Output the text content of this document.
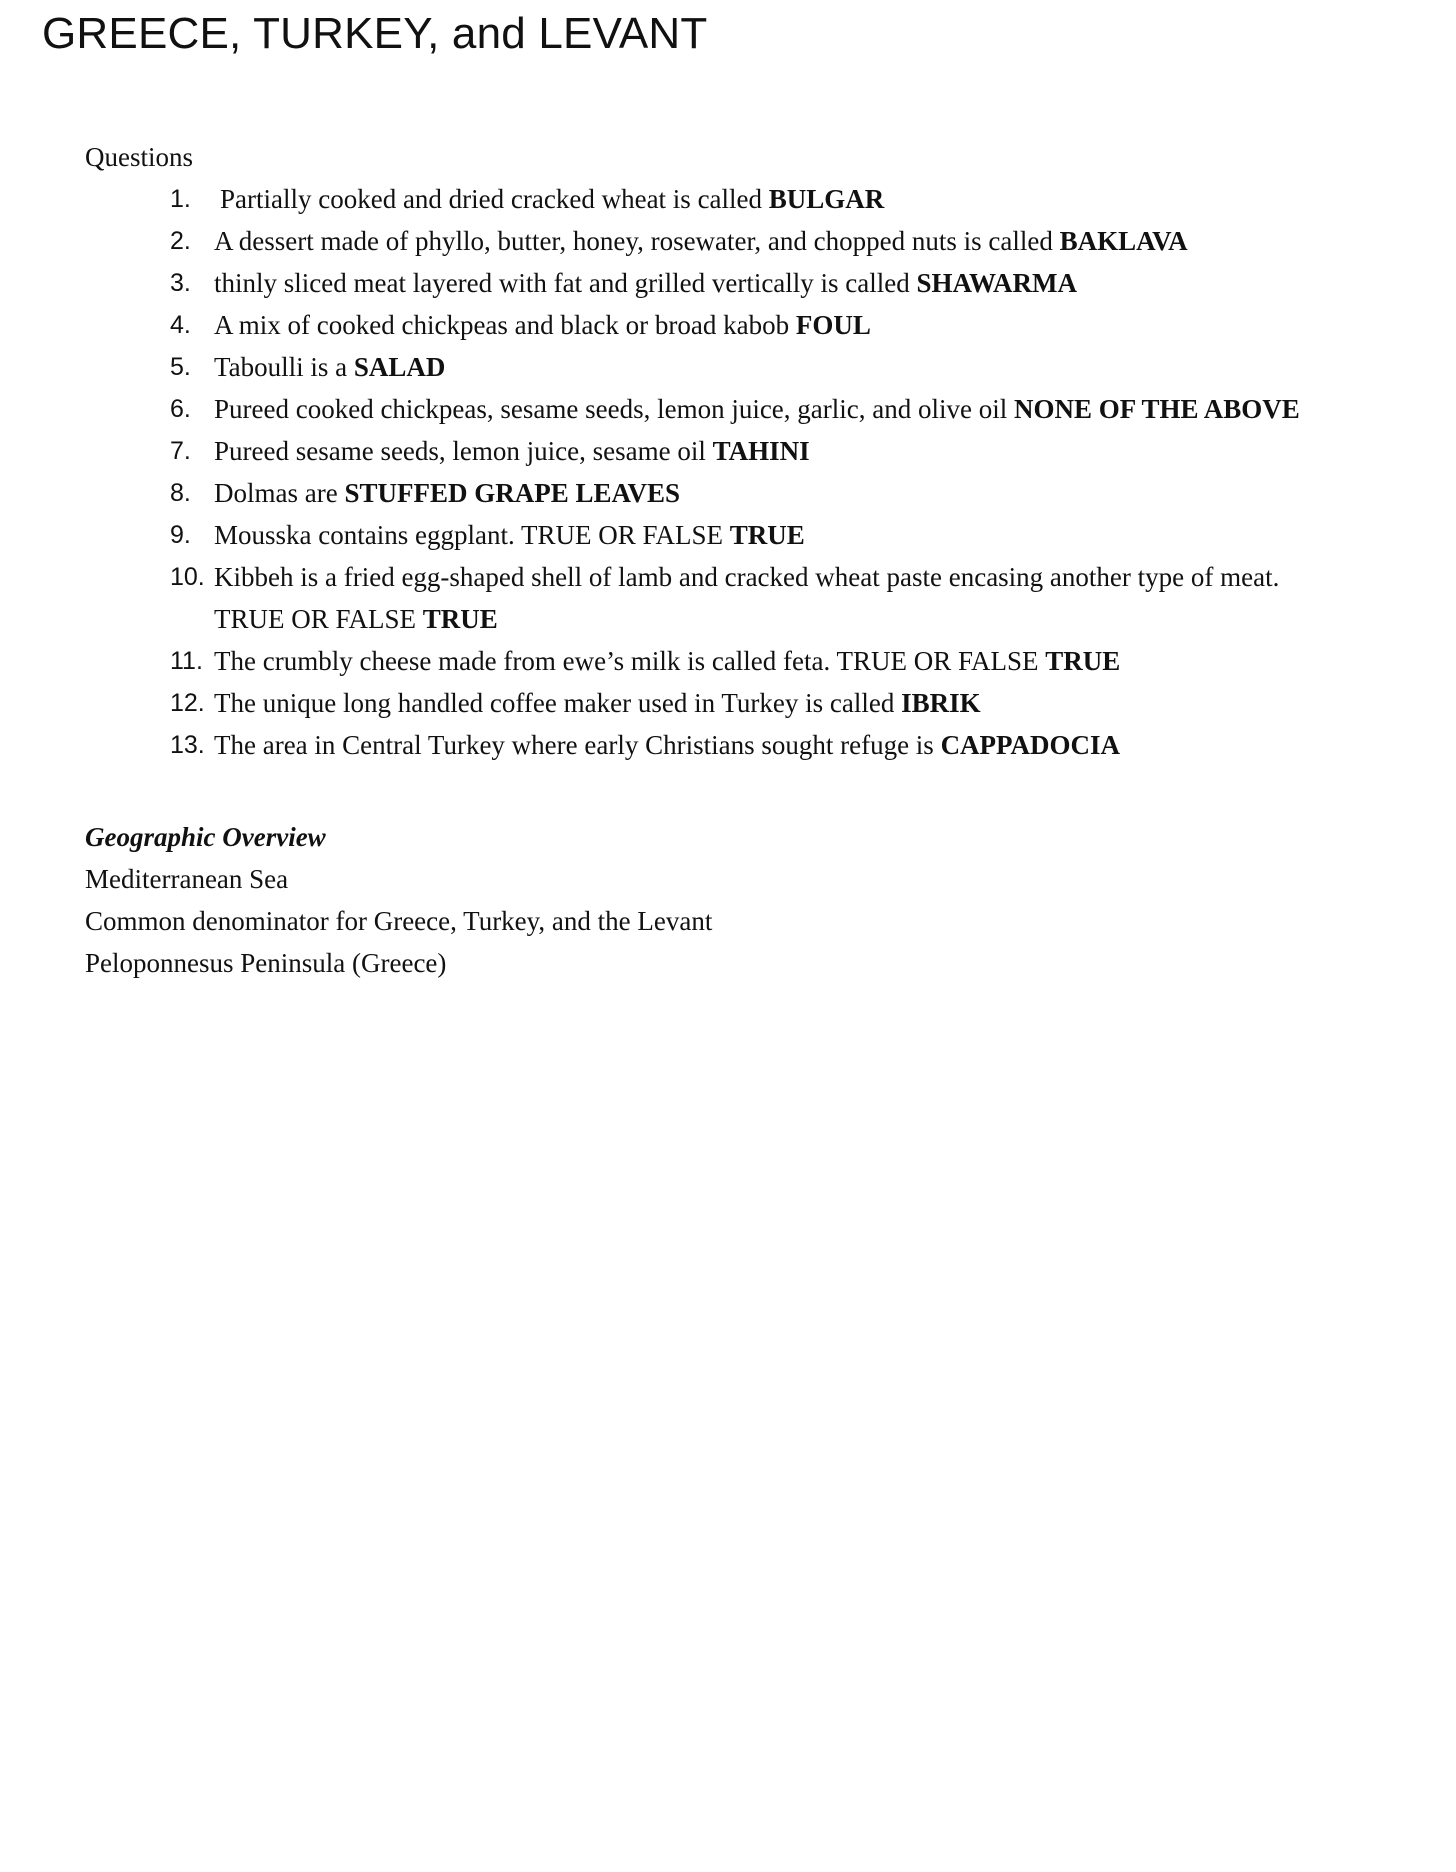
GREECE, TURKEY, and LEVANT

Questions

1. Partially cooked and dried cracked wheat is called BULGAR
2. A dessert made of phyllo, butter, honey, rosewater, and chopped nuts is called BAKLAVA
3. thinly sliced meat layered with fat and grilled vertically is called SHAWARMA
4. A mix of cooked chickpeas and black or broad kabob FOUL
5. Taboulli is a SALAD
6. Pureed cooked chickpeas, sesame seeds, lemon juice, garlic, and olive oil NONE OF THE ABOVE
7. Pureed sesame seeds, lemon juice, sesame oil TAHINI
8. Dolmas are STUFFED GRAPE LEAVES
9. Mousska contains eggplant. TRUE OR FALSE TRUE
10. Kibbeh is a fried egg-shaped shell of lamb and cracked wheat paste encasing another type of meat.
TRUE OR FALSE TRUE
11. The crumbly cheese made from ewe’s milk is called feta. TRUE OR FALSE TRUE
12. The unique long handled coffee maker used in Turkey is called IBRIK
13. The area in Central Turkey where early Christians sought refuge is CAPPADOCIA

Geographic Overview

Mediterranean Sea

Common denominator for Greece, Turkey, and the Levant

Peloponnesus Peninsula (Greece)
